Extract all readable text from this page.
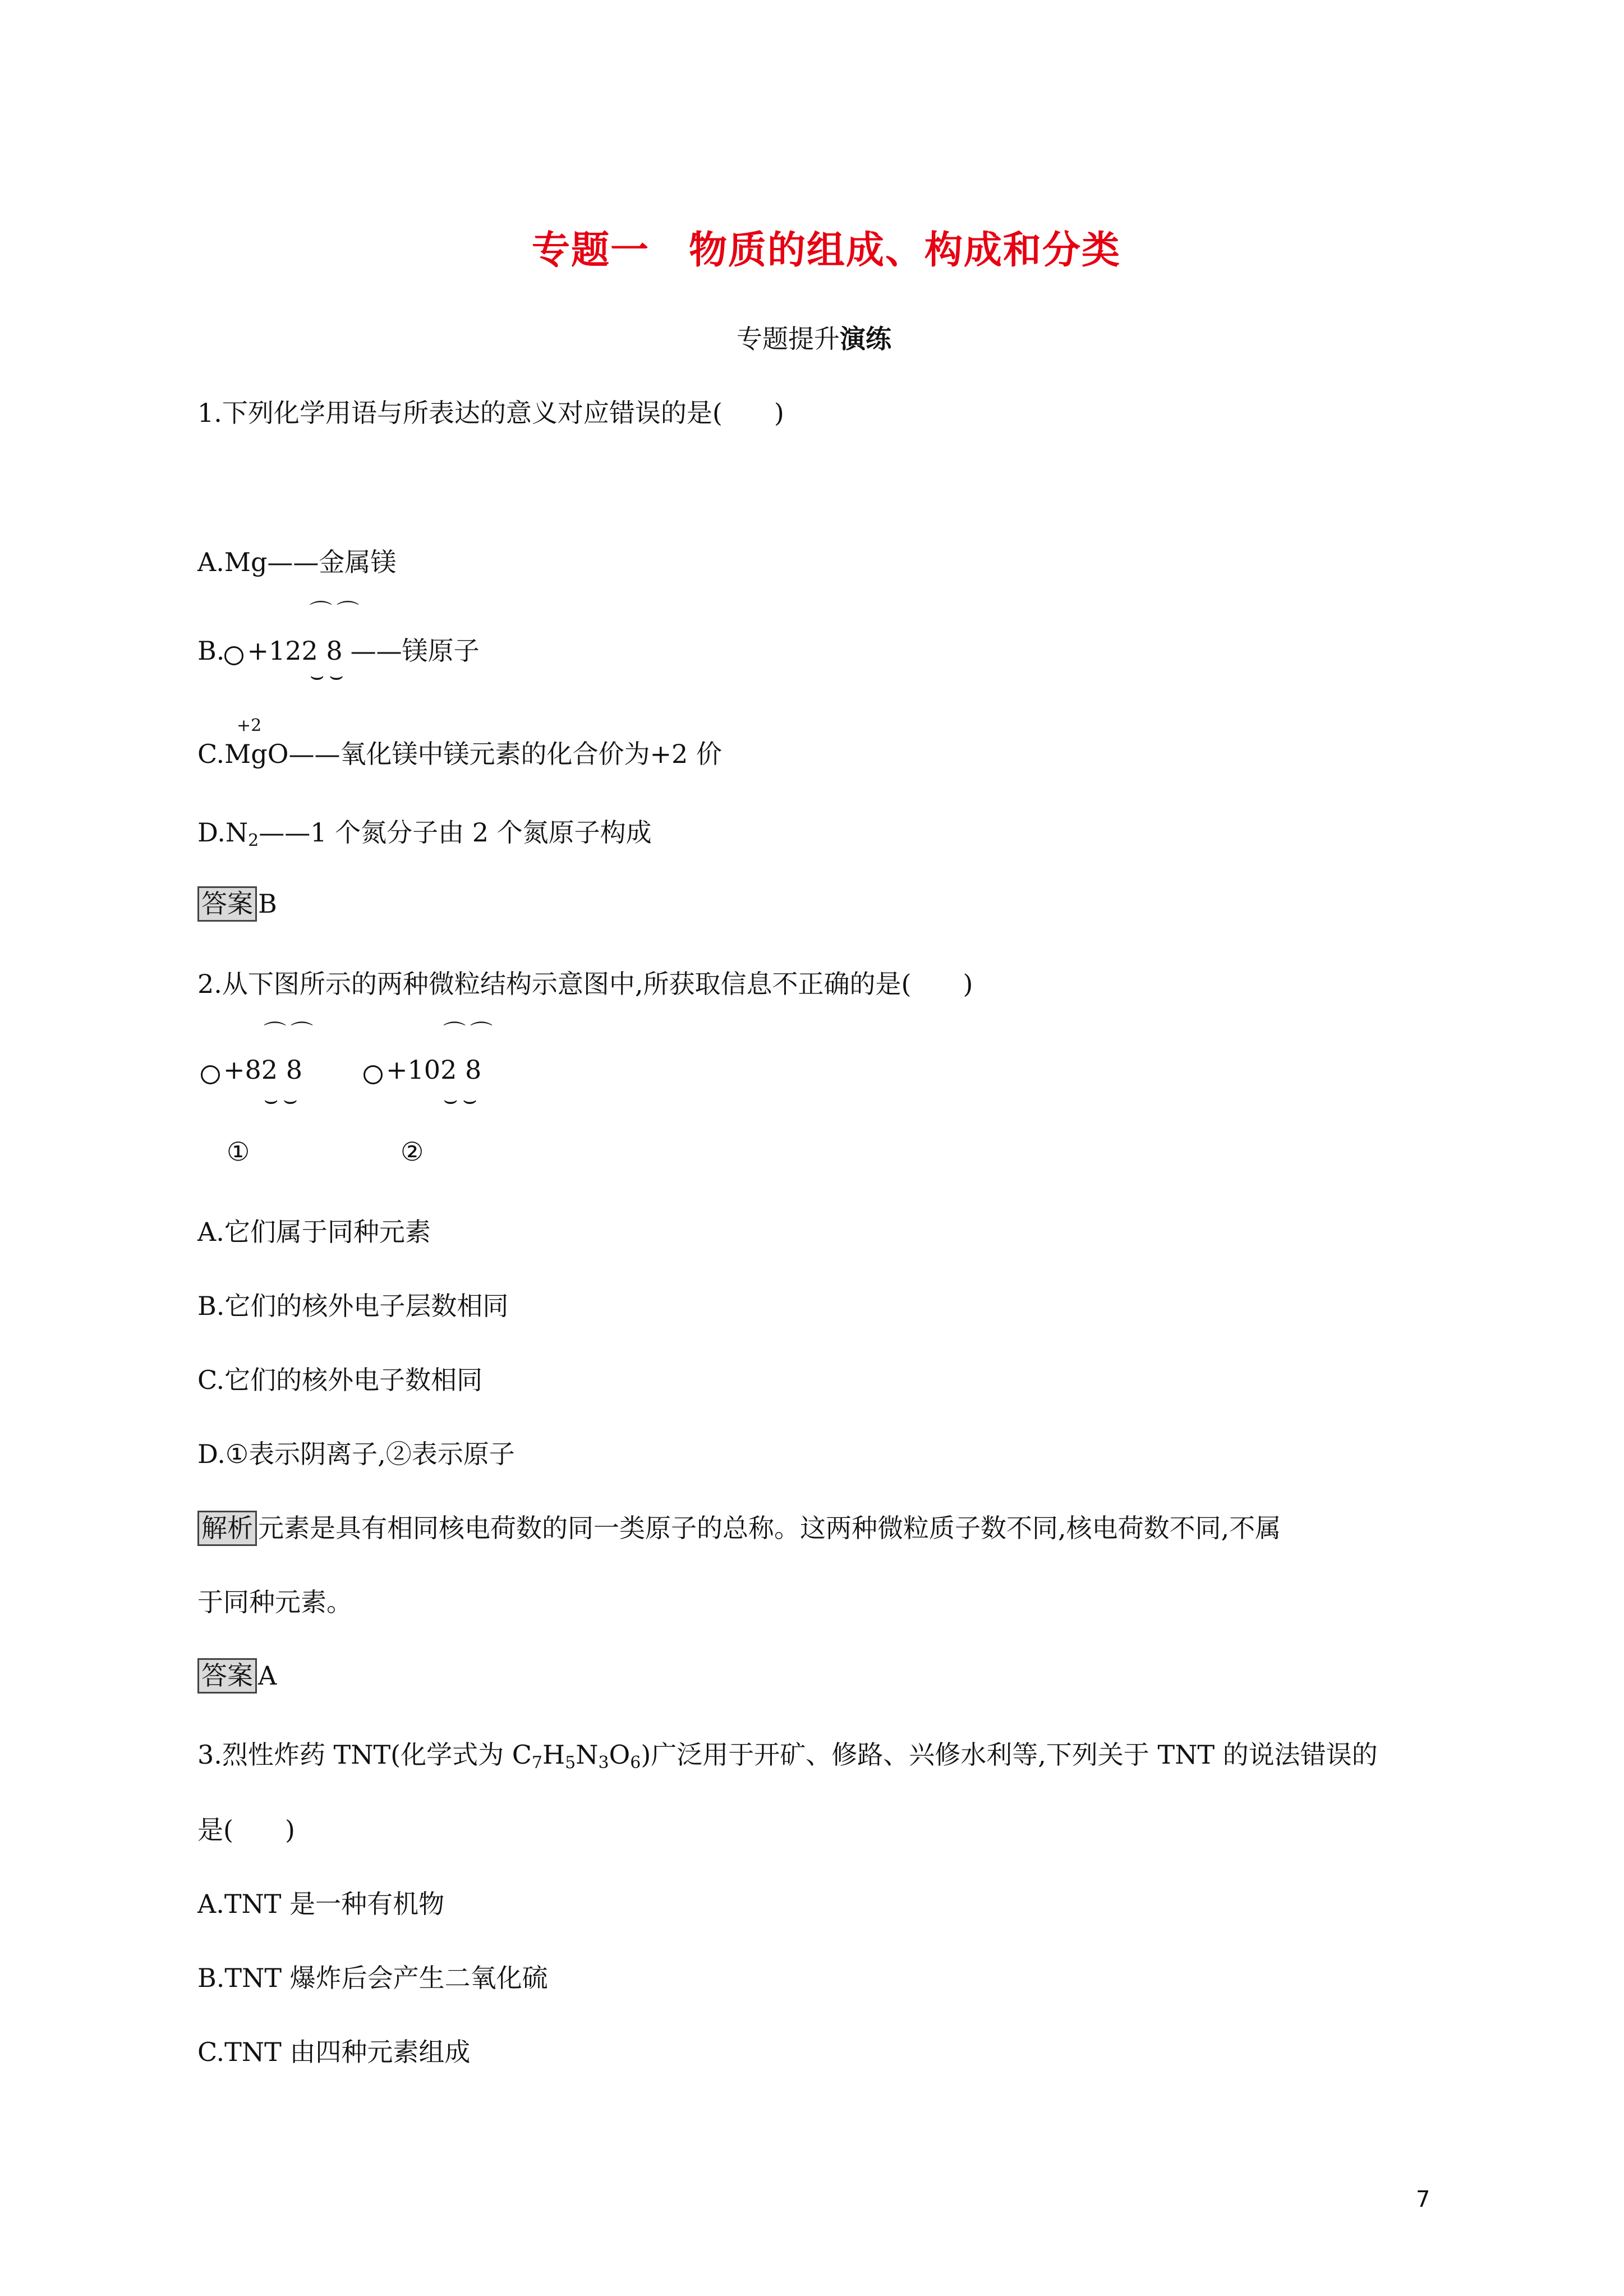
专题一　物质的组成、构成和分类
专题提升演练
1.下列化学用语与所表达的意义对应错误的是(　　)
A.Mg——金属镁
⌒⌒
B. +122 8 ——镁原子
⌣⌣
+2
C.MgO——氧化镁中镁元素的化合价为+2 价
$D.N_2——1$ 个氮分子由 2 个氮原子构成
答案 B
2.从下图所示的两种微粒结构示意图中,所获取信息不正确的是(　　)
⌒⌒	⌒⌒
+82 8	+102 8
⌣⌣	⌣⌣
①	②
A.它们属于同种元素
B.它们的核外电子层数相同
C.它们的核外电子数相同
D.①表示阴离子,②表示原子
解析 元素是具有相同核电荷数的同一类原子的总称。这两种微粒质子数不同,核电荷数不同,不属
于同种元素。
答案 A
3.烈性炸药 TNT(化学式为 $C_7H_5N_3O_6$)广泛用于开矿、修路、兴修水利等,下列关于 TNT 的说法错误的
是(　　)
A.TNT 是一种有机物
B.TNT 爆炸后会产生二氧化硫
C.TNT 由四种元素组成
7
